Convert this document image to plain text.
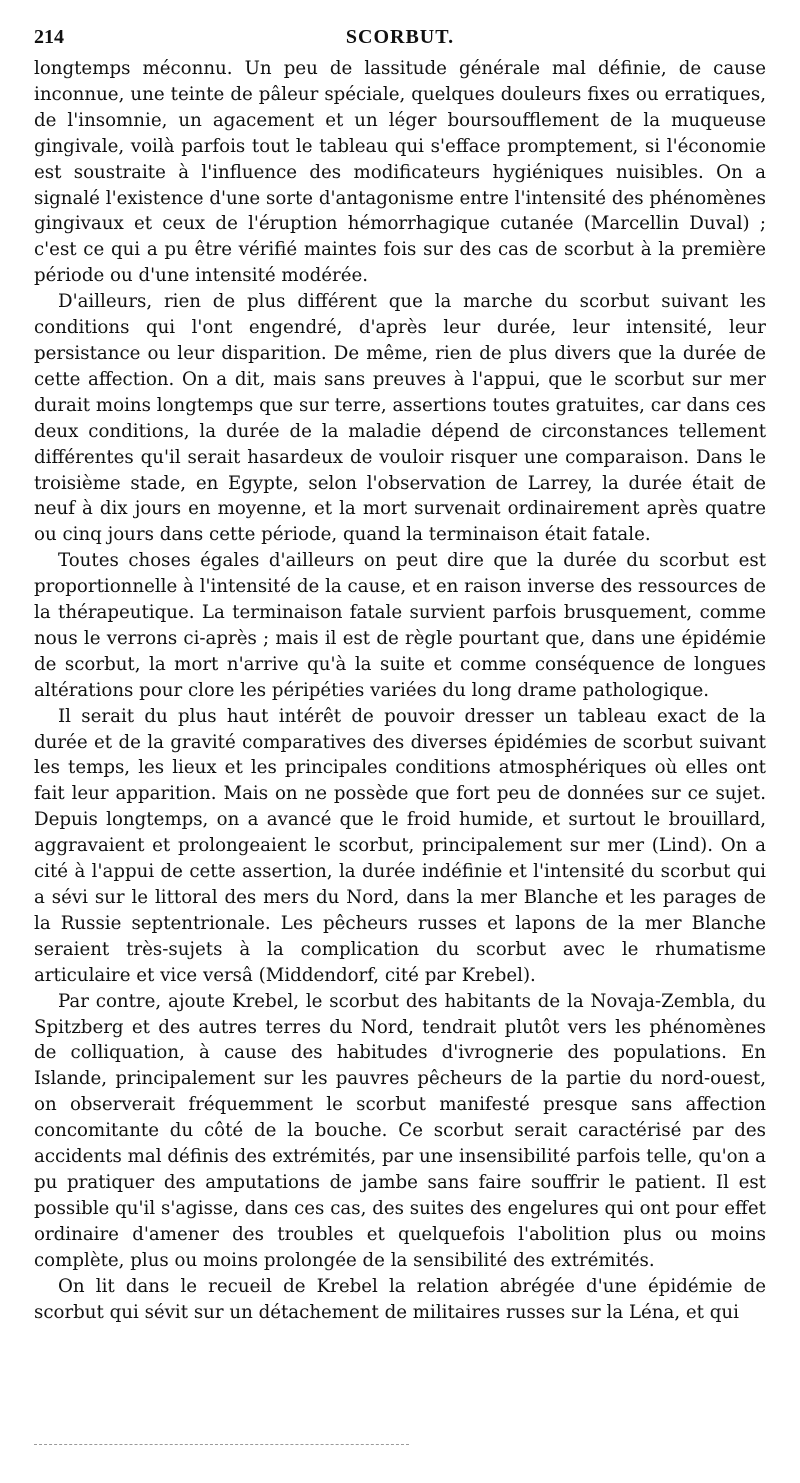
214	SCORBUT.

longtemps méconnu. Un peu de lassitude générale mal définie, de cause inconnue, une teinte de pâleur spéciale, quelques douleurs fixes ou erratiques, de l'insomnie, un agacement et un léger boursoufflement de la muqueuse gingivale, voilà parfois tout le tableau qui s'efface promptement, si l'économie est soustraite à l'influence des modificateurs hygiéniques nuisibles. On a signalé l'existence d'une sorte d'antagonisme entre l'intensité des phénomènes gingivaux et ceux de l'éruption hémorrhagique cutanée (Marcellin Duval) ; c'est ce qui a pu être vérifié maintes fois sur des cas de scorbut à la première période ou d'une intensité modérée.

D'ailleurs, rien de plus différent que la marche du scorbut suivant les conditions qui l'ont engendré, d'après leur durée, leur intensité, leur persistance ou leur disparition. De même, rien de plus divers que la durée de cette affection. On a dit, mais sans preuves à l'appui, que le scorbut sur mer durait moins longtemps que sur terre, assertions toutes gratuites, car dans ces deux conditions, la durée de la maladie dépend de circonstances tellement différentes qu'il serait hasardeux de vouloir risquer une comparaison. Dans le troisième stade, en Egypte, selon l'observation de Larrey, la durée était de neuf à dix jours en moyenne, et la mort survenait ordinairement après quatre ou cinq jours dans cette période, quand la terminaison était fatale.

Toutes choses égales d'ailleurs on peut dire que la durée du scorbut est proportionnelle à l'intensité de la cause, et en raison inverse des ressources de la thérapeutique. La terminaison fatale survient parfois brusquement, comme nous le verrons ci-après ; mais il est de règle pourtant que, dans une épidémie de scorbut, la mort n'arrive qu'à la suite et comme conséquence de longues altérations pour clore les péripéties variées du long drame pathologique.

Il serait du plus haut intérêt de pouvoir dresser un tableau exact de la durée et de la gravité comparatives des diverses épidémies de scorbut suivant les temps, les lieux et les principales conditions atmosphériques où elles ont fait leur apparition. Mais on ne possède que fort peu de données sur ce sujet. Depuis longtemps, on a avancé que le froid humide, et surtout le brouillard, aggravaient et prolongeaient le scorbut, principalement sur mer (Lind). On a cité à l'appui de cette assertion, la durée indéfinie et l'intensité du scorbut qui a sévi sur le littoral des mers du Nord, dans la mer Blanche et les parages de la Russie septentrionale. Les pêcheurs russes et lapons de la mer Blanche seraient très-sujets à la complication du scorbut avec le rhumatisme articulaire et vice versâ (Middendorf, cité par Krebel).

Par contre, ajoute Krebel, le scorbut des habitants de la Novaja-Zembla, du Spitzberg et des autres terres du Nord, tendrait plutôt vers les phénomènes de colliquation, à cause des habitudes d'ivrognerie des populations. En Islande, principalement sur les pauvres pêcheurs de la partie du nord-ouest, on observerait fréquemment le scorbut manifesté presque sans affection concomitante du côté de la bouche. Ce scorbut serait caractérisé par des accidents mal définis des extrémités, par une insensibilité parfois telle, qu'on a pu pratiquer des amputations de jambe sans faire souffrir le patient. Il est possible qu'il s'agisse, dans ces cas, des suites des engelures qui ont pour effet ordinaire d'amener des troubles et quelquefois l'abolition plus ou moins complète, plus ou moins prolongée de la sensibilité des extrémités.

On lit dans le recueil de Krebel la relation abrégée d'une épidémie de scorbut qui sévit sur un détachement de militaires russes sur la Léna, et qui
